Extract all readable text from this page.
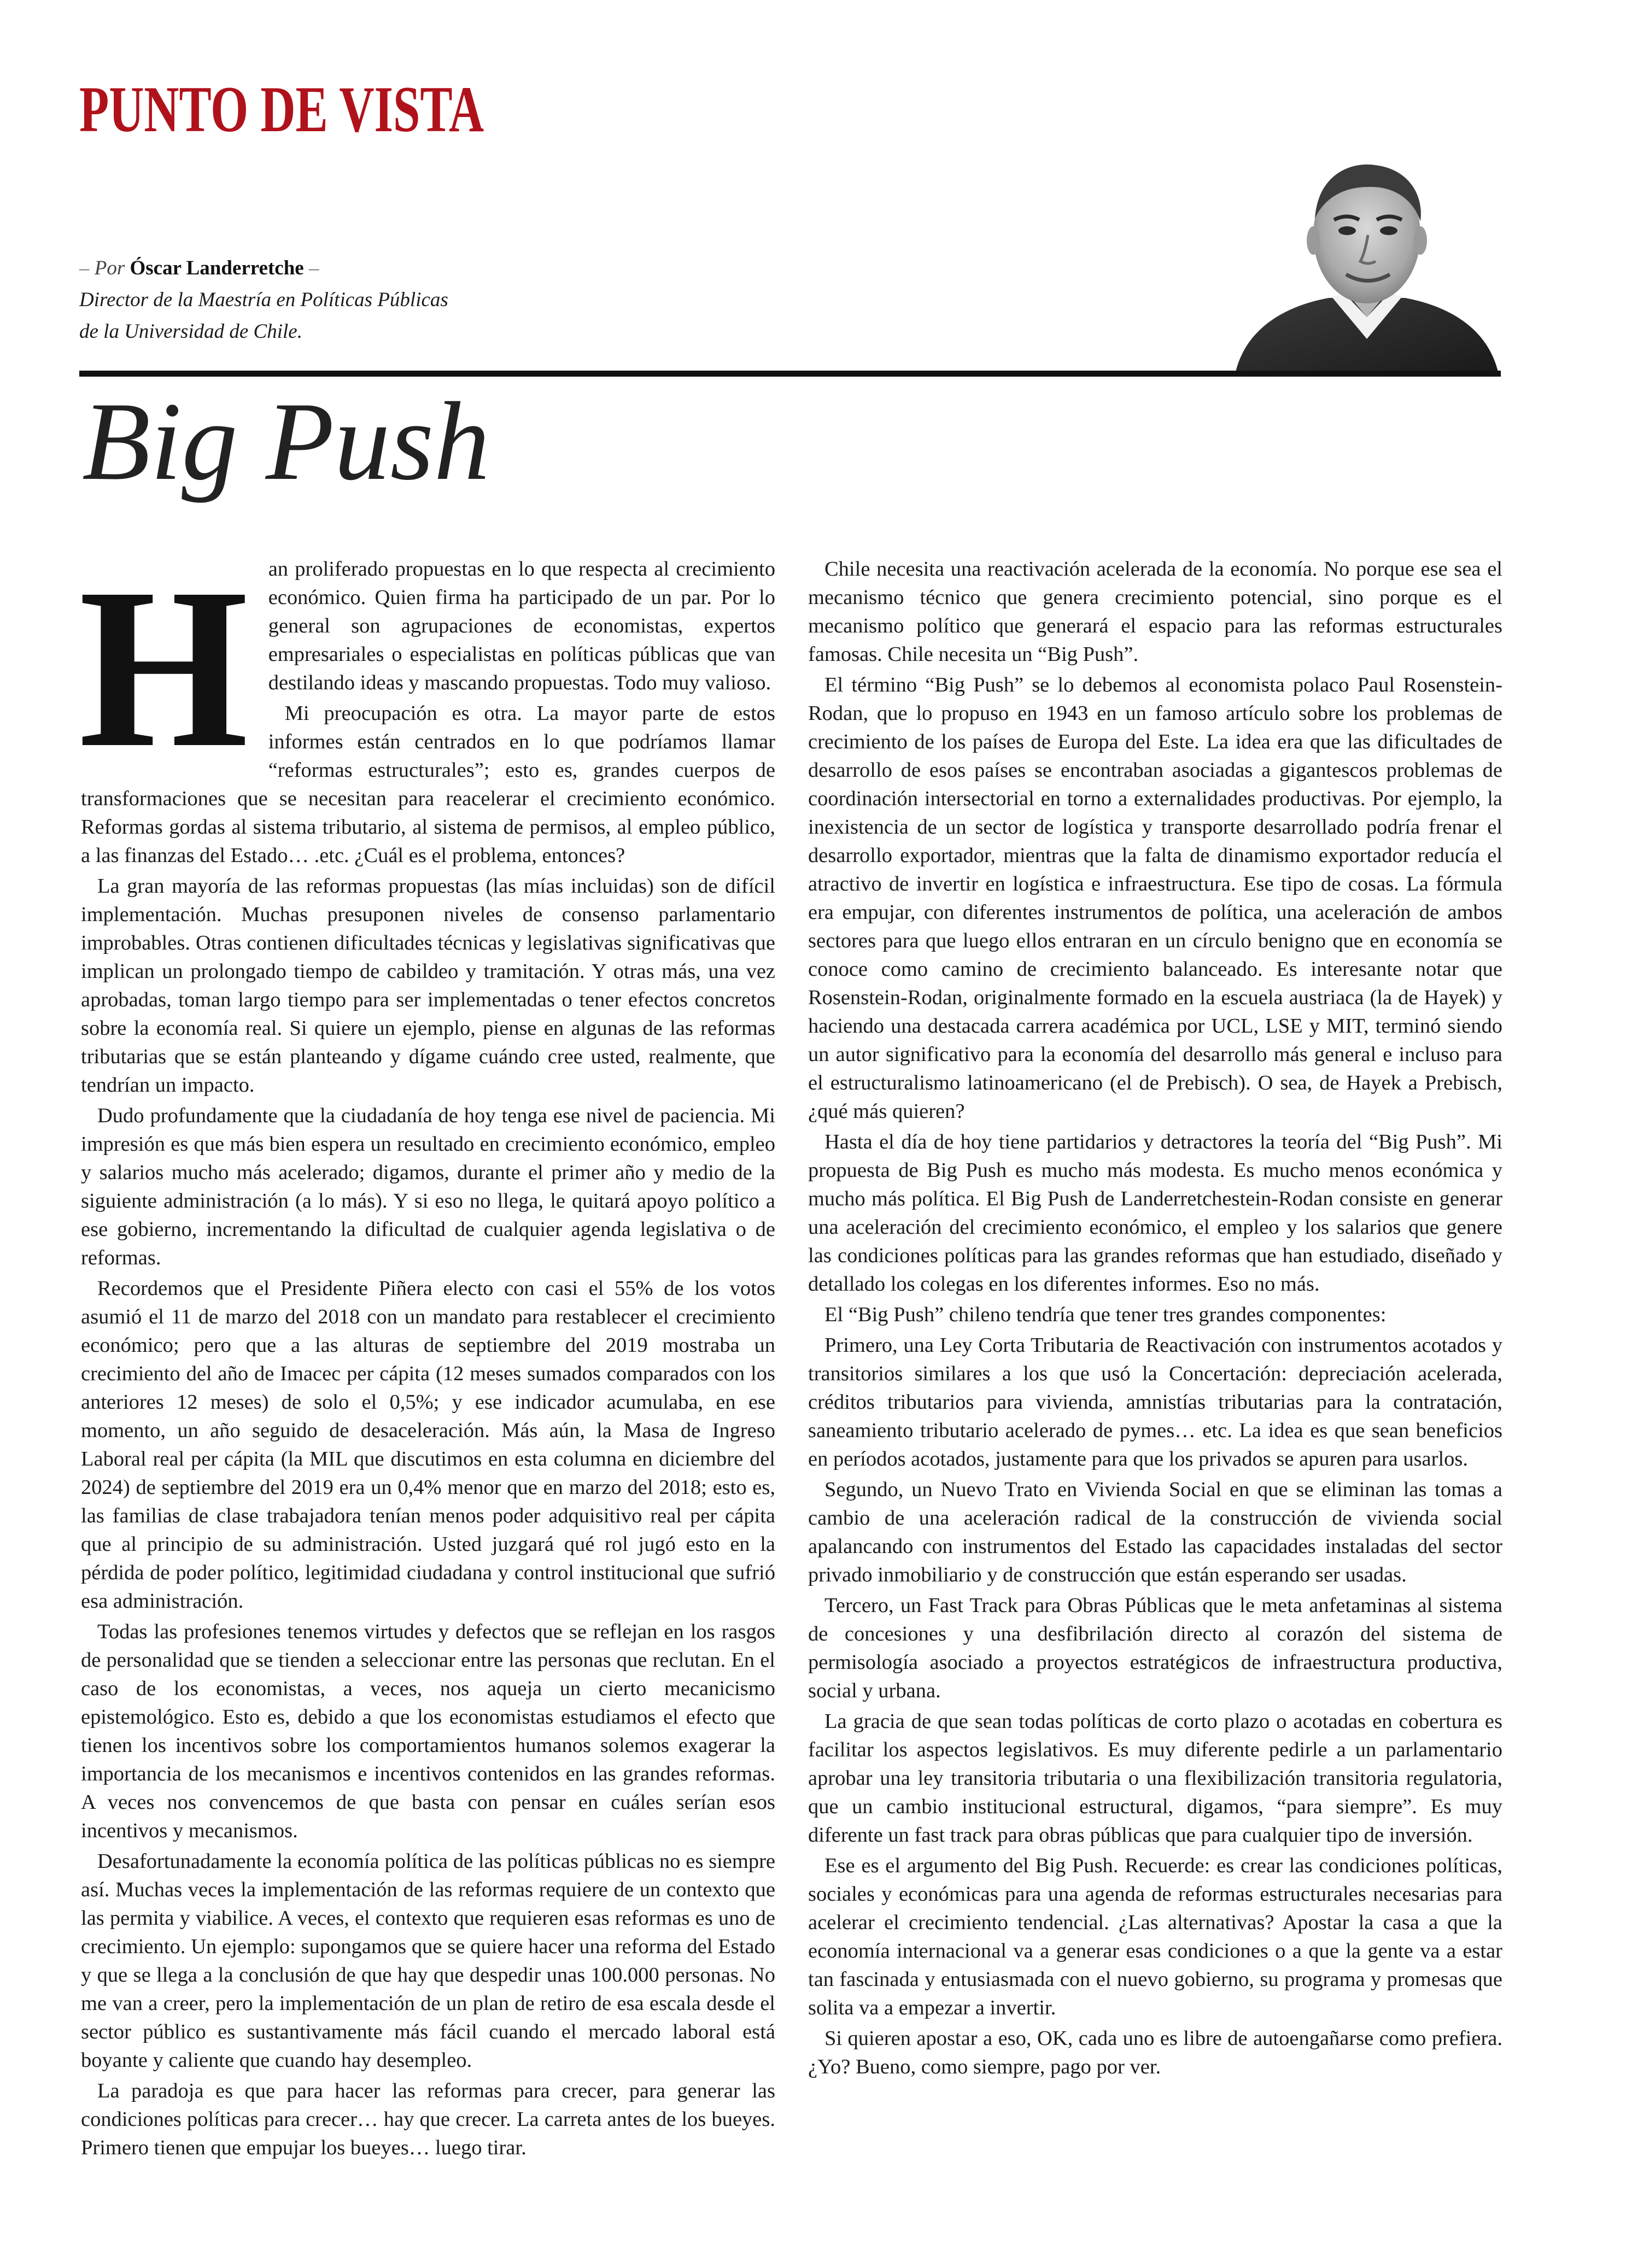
PUNTO DE VISTA
– Por Óscar Landerretche –
Director de la Maestría en Políticas Públicas
de la Universidad de Chile.
Big Push

Han proliferado propuestas en lo que respecta al crecimiento económico. Quien firma ha participado de un par. Por lo general son agrupaciones de economistas, expertos empresariales o especialistas en políticas públicas que van destilando ideas y mascando propuestas. Todo muy valioso.

Mi preocupación es otra. La mayor parte de estos informes están centrados en lo que podríamos llamar “reformas estructurales”; esto es, grandes cuerpos de transformaciones que se necesitan para reacelerar el crecimiento económico. Reformas gordas al sistema tributario, al sistema de permisos, al empleo público, a las finanzas del Estado… .etc. ¿Cuál es el problema, entonces?

La gran mayoría de las reformas propuestas (las mías incluidas) son de difícil implementación. Muchas presuponen niveles de consenso parlamentario improbables. Otras contienen dificultades técnicas y legislativas significativas que implican un prolongado tiempo de cabildeo y tramitación. Y otras más, una vez aprobadas, toman largo tiempo para ser implementadas o tener efectos concretos sobre la economía real. Si quiere un ejemplo, piense en algunas de las reformas tributarias que se están planteando y dígame cuándo cree usted, realmente, que tendrían un impacto.

Dudo profundamente que la ciudadanía de hoy tenga ese nivel de paciencia. Mi impresión es que más bien espera un resultado en crecimiento económico, empleo y salarios mucho más acelerado; digamos, durante el primer año y medio de la siguiente administración (a lo más). Y si eso no llega, le quitará apoyo político a ese gobierno, incrementando la dificultad de cualquier agenda legislativa o de reformas.

Recordemos que el Presidente Piñera electo con casi el 55% de los votos asumió el 11 de marzo del 2018 con un mandato para restablecer el crecimiento económico; pero que a las alturas de septiembre del 2019 mostraba un crecimiento del año de Imacec per cápita (12 meses sumados comparados con los anteriores 12 meses) de solo el 0,5%; y ese indicador acumulaba, en ese momento, un año seguido de desaceleración. Más aún, la Masa de Ingreso Laboral real per cápita (la MIL que discutimos en esta columna en diciembre del 2024) de septiembre del 2019 era un 0,4% menor que en marzo del 2018; esto es, las familias de clase trabajadora tenían menos poder adquisitivo real per cápita que al principio de su administración. Usted juzgará qué rol jugó esto en la pérdida de poder político, legitimidad ciudadana y control institucional que sufrió esa administración.

Todas las profesiones tenemos virtudes y defectos que se reflejan en los rasgos de personalidad que se tienden a seleccionar entre las personas que reclutan. En el caso de los economistas, a veces, nos aqueja un cierto mecanicismo epistemológico. Esto es, debido a que los economistas estudiamos el efecto que tienen los incentivos sobre los comportamientos humanos solemos exagerar la importancia de los mecanismos e incentivos contenidos en las grandes reformas. A veces nos convencemos de que basta con pensar en cuáles serían esos incentivos y mecanismos.

Desafortunadamente la economía política de las políticas públicas no es siempre así. Muchas veces la implementación de las reformas requiere de un contexto que las permita y viabilice. A veces, el contexto que requieren esas reformas es uno de crecimiento. Un ejemplo: supongamos que se quiere hacer una reforma del Estado y que se llega a la conclusión de que hay que despedir unas 100.000 personas. No me van a creer, pero la implementación de un plan de retiro de esa escala desde el sector público es sustantivamente más fácil cuando el mercado laboral está boyante y caliente que cuando hay desempleo.

La paradoja es que para hacer las reformas para crecer, para generar las condiciones políticas para crecer… hay que crecer. La carreta antes de los bueyes. Primero tienen que empujar los bueyes… luego tirar.

Chile necesita una reactivación acelerada de la economía. No porque ese sea el mecanismo técnico que genera crecimiento potencial, sino porque es el mecanismo político que generará el espacio para las reformas estructurales famosas. Chile necesita un “Big Push”.

El término “Big Push” se lo debemos al economista polaco Paul Rosenstein-Rodan, que lo propuso en 1943 en un famoso artículo sobre los problemas de crecimiento de los países de Europa del Este. La idea era que las dificultades de desarrollo de esos países se encontraban asociadas a gigantescos problemas de coordinación intersectorial en torno a externalidades productivas. Por ejemplo, la inexistencia de un sector de logística y transporte desarrollado podría frenar el desarrollo exportador, mientras que la falta de dinamismo exportador reducía el atractivo de invertir en logística e infraestructura. Ese tipo de cosas. La fórmula era empujar, con diferentes instrumentos de política, una aceleración de ambos sectores para que luego ellos entraran en un círculo benigno que en economía se conoce como camino de crecimiento balanceado. Es interesante notar que Rosenstein-Rodan, originalmente formado en la escuela austriaca (la de Hayek) y haciendo una destacada carrera académica por UCL, LSE y MIT, terminó siendo un autor significativo para la economía del desarrollo más general e incluso para el estructuralismo latinoamericano (el de Prebisch). O sea, de Hayek a Prebisch, ¿qué más quieren?

Hasta el día de hoy tiene partidarios y detractores la teoría del “Big Push”. Mi propuesta de Big Push es mucho más modesta. Es mucho menos económica y mucho más política. El Big Push de Landerretchestein-Rodan consiste en generar una aceleración del crecimiento económico, el empleo y los salarios que genere las condiciones políticas para las grandes reformas que han estudiado, diseñado y detallado los colegas en los diferentes informes. Eso no más.

El “Big Push” chileno tendría que tener tres grandes componentes:

Primero, una Ley Corta Tributaria de Reactivación con instrumentos acotados y transitorios similares a los que usó la Concertación: depreciación acelerada, créditos tributarios para vivienda, amnistías tributarias para la contratación, saneamiento tributario acelerado de pymes… etc. La idea es que sean beneficios en períodos acotados, justamente para que los privados se apuren para usarlos.

Segundo, un Nuevo Trato en Vivienda Social en que se eliminan las tomas a cambio de una aceleración radical de la construcción de vivienda social apalancando con instrumentos del Estado las capacidades instaladas del sector privado inmobiliario y de construcción que están esperando ser usadas.

Tercero, un Fast Track para Obras Públicas que le meta anfetaminas al sistema de concesiones y una desfibrilación directo al corazón del sistema de permisología asociado a proyectos estratégicos de infraestructura productiva, social y urbana.

La gracia de que sean todas políticas de corto plazo o acotadas en cobertura es facilitar los aspectos legislativos. Es muy diferente pedirle a un parlamentario aprobar una ley transitoria tributaria o una flexibilización transitoria regulatoria, que un cambio institucional estructural, digamos, “para siempre”. Es muy diferente un fast track para obras públicas que para cualquier tipo de inversión.

Ese es el argumento del Big Push. Recuerde: es crear las condiciones políticas, sociales y económicas para una agenda de reformas estructurales necesarias para acelerar el crecimiento tendencial. ¿Las alternativas? Apostar la casa a que la economía internacional va a generar esas condiciones o a que la gente va a estar tan fascinada y entusiasmada con el nuevo gobierno, su programa y promesas que solita va a empezar a invertir.

Si quieren apostar a eso, OK, cada uno es libre de autoengañarse como prefiera. ¿Yo? Bueno, como siempre, pago por ver.
